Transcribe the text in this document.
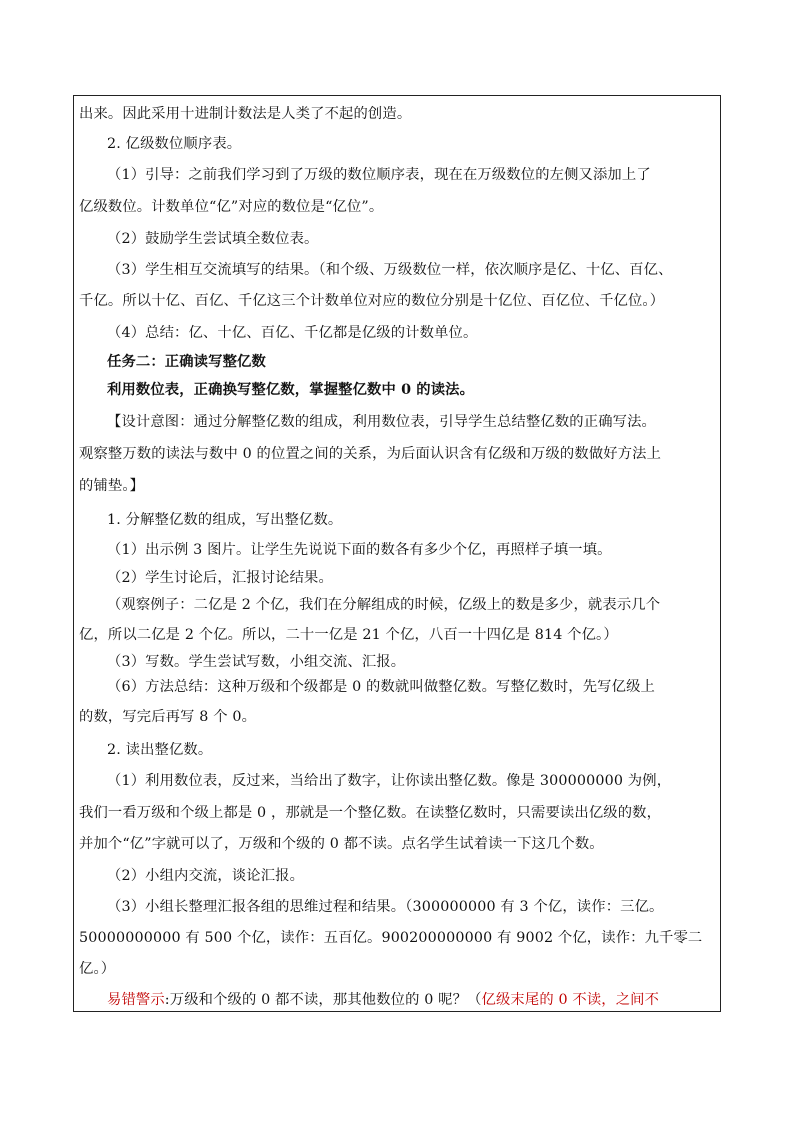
出来。因此采用十进制计数法是人类了不起的创造。
2. 亿级数位顺序表。
（1）引导：之前我们学习到了万级的数位顺序表，现在在万级数位的左侧又添加上了
亿级数位。计数单位“亿”对应的数位是“亿位”。
（2）鼓励学生尝试填全数位表。
（3）学生相互交流填写的结果。（和个级、万级数位一样，依次顺序是亿、十亿、百亿、
千亿。所以十亿、百亿、千亿这三个计数单位对应的数位分别是十亿位、百亿位、千亿位。）
（4）总结：亿、十亿、百亿、千亿都是亿级的计数单位。
任务二：正确读写整亿数
利用数位表，正确换写整亿数，掌握整亿数中 0 的读法。
【设计意图：通过分解整亿数的组成，利用数位表，引导学生总结整亿数的正确写法。
观察整万数的读法与数中 0 的位置之间的关系，为后面认识含有亿级和万级的数做好方法上
的铺垫。】
1. 分解整亿数的组成，写出整亿数。
（1）出示例 3 图片。让学生先说说下面的数各有多少个亿，再照样子填一填。
（2）学生讨论后，汇报讨论结果。
（观察例子：二亿是 2 个亿，我们在分解组成的时候，亿级上的数是多少，就表示几个
亿，所以二亿是 2 个亿。所以，二十一亿是 21 个亿，八百一十四亿是 814 个亿。）
（3）写数。学生尝试写数，小组交流、汇报。
（6）方法总结：这种万级和个级都是 0 的数就叫做整亿数。写整亿数时，先写亿级上
的数，写完后再写 8 个 0。
2. 读出整亿数。
（1）利用数位表，反过来，当给出了数字，让你读出整亿数。像是 300000000 为例，
我们一看万级和个级上都是 0 ，那就是一个整亿数。在读整亿数时，只需要读出亿级的数，
并加个“亿”字就可以了，万级和个级的 0 都不读。点名学生试着读一下这几个数。
（2）小组内交流，谈论汇报。
（3）小组长整理汇报各组的思维过程和结果。（300000000 有 3 个亿，读作：三亿。
50000000000 有 500 个亿，读作：五百亿。900200000000 有 9002 个亿，读作：九千零二
亿。）
易错警示:万级和个级的 0 都不读，那其他数位的 0 呢？（亿级末尾的 0 不读，之间不
